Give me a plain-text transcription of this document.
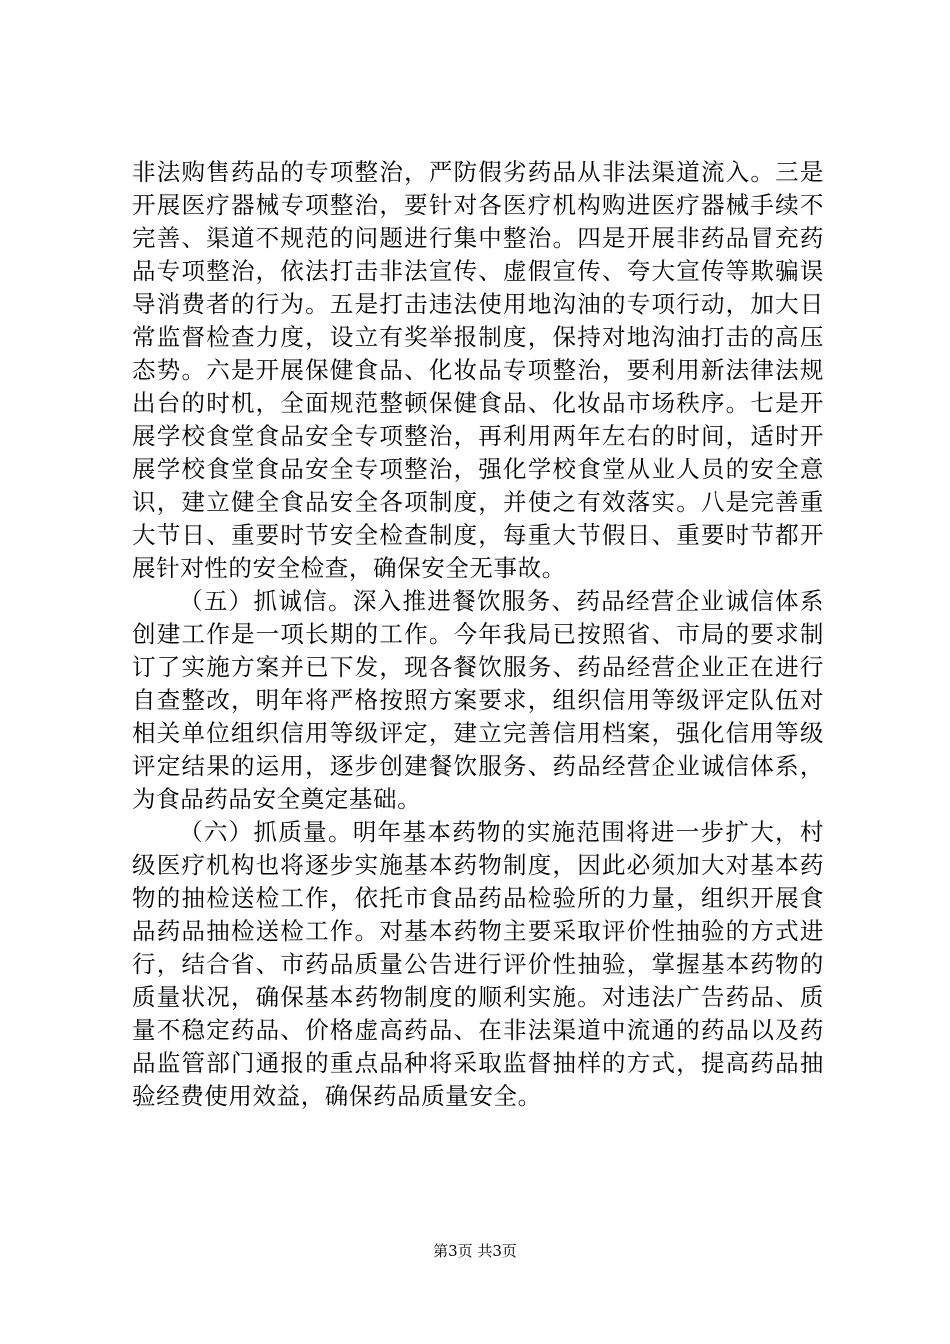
非法购售药品的专项整治，严防假劣药品从非法渠道流入。三是开展医疗器械专项整治，要针对各医疗机构购进医疗器械手续不完善、渠道不规范的问题进行集中整治。四是开展非药品冒充药品专项整治，依法打击非法宣传、虚假宣传、夸大宣传等欺骗误导消费者的行为。五是打击违法使用地沟油的专项行动，加大日常监督检查力度，设立有奖举报制度，保持对地沟油打击的高压态势。六是开展保健食品、化妆品专项整治，要利用新法律法规出台的时机，全面规范整顿保健食品、化妆品市场秩序。七是开展学校食堂食品安全专项整治，再利用两年左右的时间，适时开展学校食堂食品安全专项整治，强化学校食堂从业人员的安全意识，建立健全食品安全各项制度，并使之有效落实。八是完善重大节日、重要时节安全检查制度，每重大节假日、重要时节都开展针对性的安全检查，确保安全无事故。

（五）抓诚信。深入推进餐饮服务、药品经营企业诚信体系创建工作是一项长期的工作。今年我局已按照省、市局的要求制订了实施方案并已下发，现各餐饮服务、药品经营企业正在进行自查整改，明年将严格按照方案要求，组织信用等级评定队伍对相关单位组织信用等级评定，建立完善信用档案，强化信用等级评定结果的运用，逐步创建餐饮服务、药品经营企业诚信体系，为食品药品安全奠定基础。

（六）抓质量。明年基本药物的实施范围将进一步扩大，村级医疗机构也将逐步实施基本药物制度，因此必须加大对基本药物的抽检送检工作，依托市食品药品检验所的力量，组织开展食品药品抽检送检工作。对基本药物主要采取评价性抽验的方式进行，结合省、市药品质量公告进行评价性抽验，掌握基本药物的质量状况，确保基本药物制度的顺利实施。对违法广告药品、质量不稳定药品、价格虚高药品、在非法渠道中流通的药品以及药品监管部门通报的重点品种将采取监督抽样的方式，提高药品抽验经费使用效益，确保药品质量安全。

第3页 共3页
